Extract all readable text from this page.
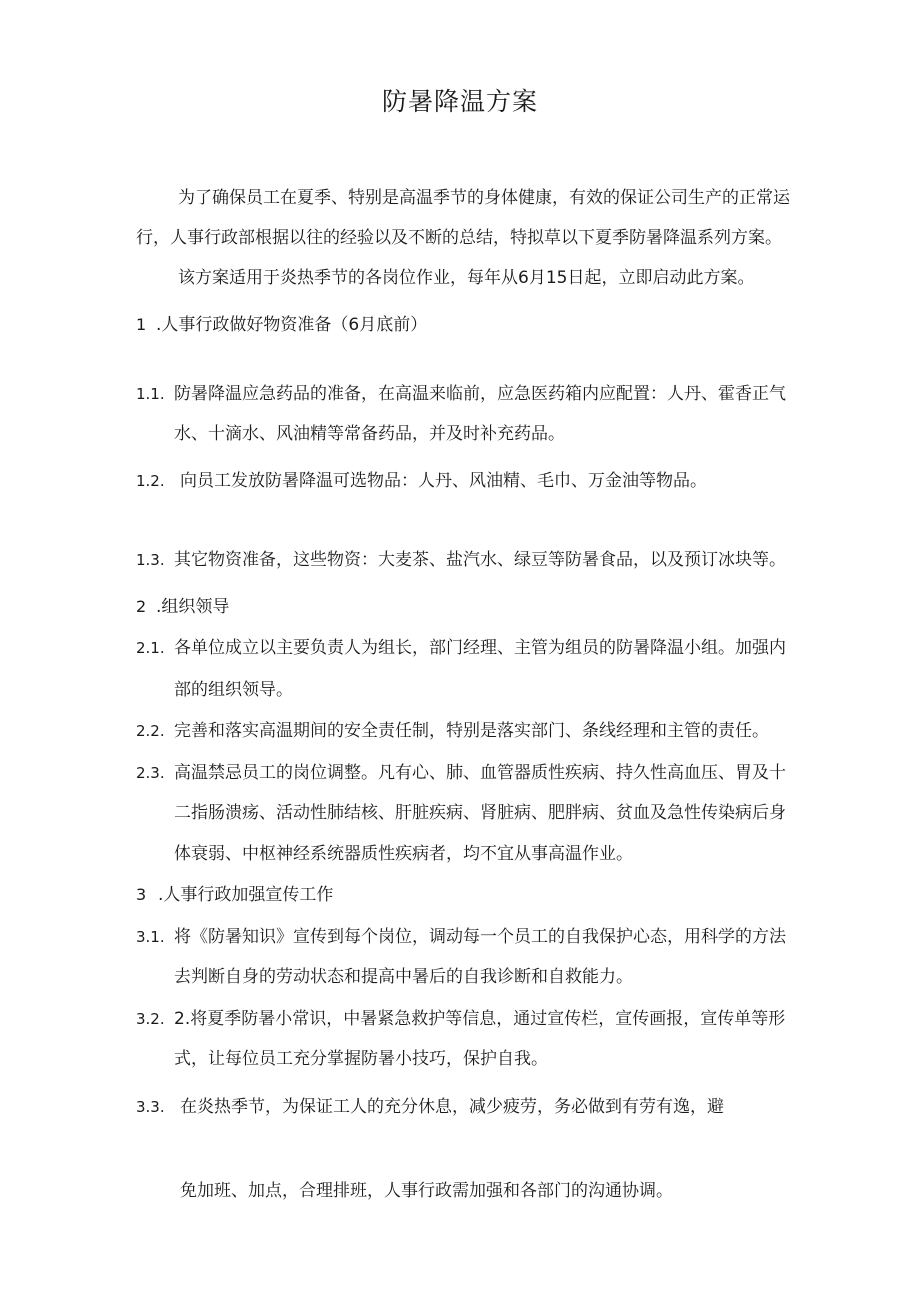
防暑降温方案
为了确保员工在夏季、特别是高温季节的身体健康，有效的保证公司生产的正常运
行，人事行政部根据以往的经验以及不断的总结，特拟草以下夏季防暑降温系列方案。
该方案适用于炎热季节的各岗位作业，每年从6月15日起，立即启动此方案。
1 .人事行政做好物资准备（6月底前）
1.1. 防暑降温应急药品的准备，在高温来临前，应急医药箱内应配置：人丹、霍香正气
水、十滴水、风油精等常备药品，并及时补充药品。
1.2. 向员工发放防暑降温可选物品：人丹、风油精、毛巾、万金油等物品。
1.3. 其它物资准备，这些物资：大麦茶、盐汽水、绿豆等防暑食品，以及预订冰块等。
2 .组织领导
2.1. 各单位成立以主要负责人为组长，部门经理、主管为组员的防暑降温小组。加强内
部的组织领导。
2.2. 完善和落实高温期间的安全责任制，特别是落实部门、条线经理和主管的责任。
2.3. 高温禁忌员工的岗位调整。凡有心、肺、血管器质性疾病、持久性高血压、胃及十
二指肠溃疡、活动性肺结核、肝脏疾病、肾脏病、肥胖病、贫血及急性传染病后身
体衰弱、中枢神经系统器质性疾病者，均不宜从事高温作业。
3 .人事行政加强宣传工作
3.1. 将《防暑知识》宣传到每个岗位，调动每一个员工的自我保护心态，用科学的方法
去判断自身的劳动状态和提高中暑后的自我诊断和自救能力。
3.2. 2.将夏季防暑小常识，中暑紧急救护等信息，通过宣传栏，宣传画报，宣传单等形
式，让每位员工充分掌握防暑小技巧，保护自我。
3.3. 在炎热季节，为保证工人的充分休息，减少疲劳，务必做到有劳有逸，避
免加班、加点，合理排班，人事行政需加强和各部门的沟通协调。
